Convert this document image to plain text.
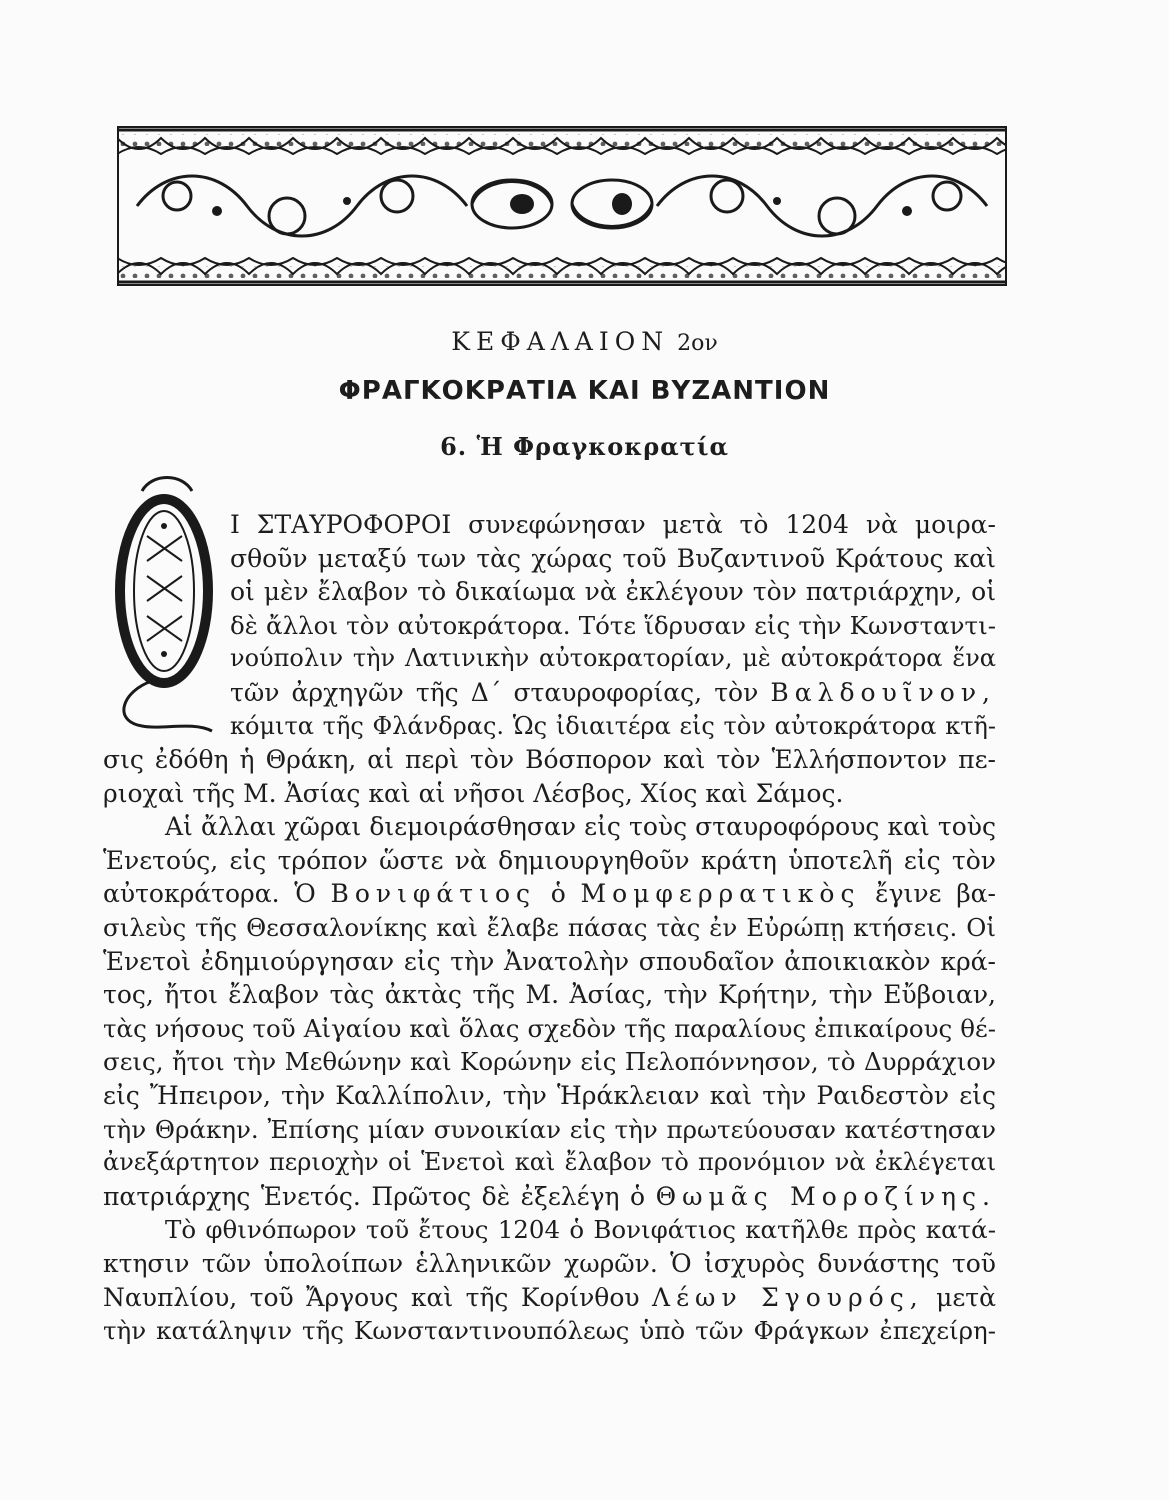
ΚΕΦΑΛΑΙΟΝ 2ον
ΦΡΑΓΚΟΚΡΑΤΙΑ ΚΑΙ ΒΥΖΑΝΤΙΟΝ
6. Ἡ Φραγκοκρατία
Ι ΣΤΑΥΡΟΦΟΡΟΙ συνεφώνησαν μετὰ τὸ 1204 νὰ μοιρα-
σθοῦν μεταξύ των τὰς χώρας τοῦ Βυζαντινοῦ Κράτους καὶ
οἱ μὲν ἔλαβον τὸ δικαίωμα νὰ ἐκλέγουν τὸν πατριάρχην, οἱ
δὲ ἄλλοι τὸν αὐτοκράτορα. Τότε ἵδρυσαν εἰς τὴν Κωνσταντι-
νούπολιν τὴν Λατινικὴν αὐτοκρατορίαν, μὲ αὐτοκράτορα ἕνα
τῶν ἀρχηγῶν τῆς Δ΄ σταυροφορίας, τὸν Βαλδουῖνον,
κόμιτα τῆς Φλάνδρας. Ὡς ἰδιαιτέρα εἰς τὸν αὐτοκράτορα κτῆ-
σις ἐδόθη ἡ Θράκη, αἱ περὶ τὸν Βόσπορον καὶ τὸν Ἑλλήσποντον πε-
ριοχαὶ τῆς Μ. Ἀσίας καὶ αἱ νῆσοι Λέσβος, Χίος καὶ Σάμος.
Αἱ ἄλλαι χῶραι διεμοιράσθησαν εἰς τοὺς σταυροφόρους καὶ τοὺς
Ἑνετούς, εἰς τρόπον ὥστε νὰ δημιουργηθοῦν κράτη ὑποτελῆ εἰς τὸν
αὐτοκράτορα. Ὁ Βονιφάτιος ὁ Μομφερρατικὸς ἔγινε βα-
σιλεὺς τῆς Θεσσαλονίκης καὶ ἔλαβε πάσας τὰς ἐν Εὐρώπῃ κτήσεις. Οἱ
Ἑνετοὶ ἐδημιούργησαν εἰς τὴν Ἀνατολὴν σπουδαῖον ἀποικιακὸν κρά-
τος, ἤτοι ἔλαβον τὰς ἀκτὰς τῆς Μ. Ἀσίας, τὴν Κρήτην, τὴν Εὔβοιαν,
τὰς νήσους τοῦ Αἰγαίου καὶ ὅλας σχεδὸν τῆς παραλίους ἐπικαίρους θέ-
σεις, ἤτοι τὴν Μεθώνην καὶ Κορώνην εἰς Πελοπόννησον, τὸ Δυρράχιον
εἰς Ἤπειρον, τὴν Καλλίπολιν, τὴν Ἡράκλειαν καὶ τὴν Ραιδεστὸν εἰς
τὴν Θράκην. Ἐπίσης μίαν συνοικίαν εἰς τὴν πρωτεύουσαν κατέστησαν
ἀνεξάρτητον περιοχὴν οἱ Ἑνετοὶ καὶ ἔλαβον τὸ προνόμιον νὰ ἐκλέγεται
πατριάρχης Ἑνετός. Πρῶτος δὲ ἐξελέγη ὁ Θωμᾶς Μοροζίνης.
Τὸ φθινόπωρον τοῦ ἔτους 1204 ὁ Βονιφάτιος κατῆλθε πρὸς κατά-
κτησιν τῶν ὑπολοίπων ἑλληνικῶν χωρῶν. Ὁ ἰσχυρὸς δυνάστης τοῦ
Ναυπλίου, τοῦ Ἄργους καὶ τῆς Κορίνθου Λέων Σγουρός, μετὰ
τὴν κατάληψιν τῆς Κωνσταντινουπόλεως ὑπὸ τῶν Φράγκων ἐπεχείρη-
